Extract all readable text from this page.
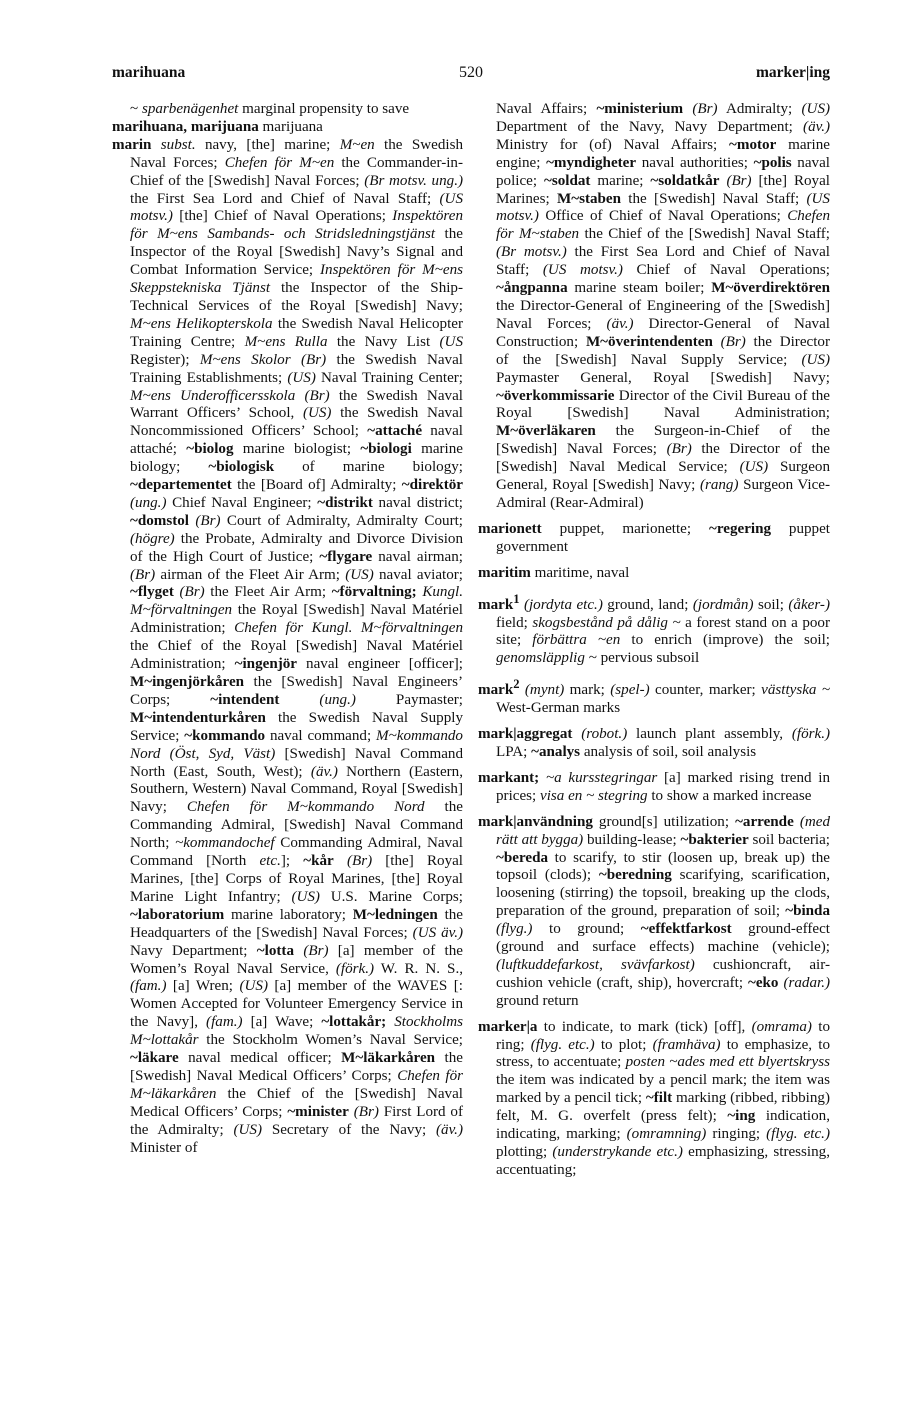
520
marihuana	marker|ing

~ sparbenägenhet marginal propensity to save

marihuana, marijuana marijuana

marin subst. navy, [the] marine; M~en the Swedish Naval Forces; Chefen för M~en the Commander-in-Chief of the [Swedish] Naval Forces; (Br motsv. ung.) the First Sea Lord and Chief of Naval Staff; (US motsv.) [the] Chief of Naval Operations; Inspektören för M~ens Sambands- och Stridsledningstjänst the Inspector of the Royal [Swedish] Navy’s Signal and Combat Information Service; Inspektören för M~ens Skeppstekniska Tjänst the Inspector of the Ship-Technical Services of the Royal [Swedish] Navy; M~ens Helikopterskola the Swedish Naval Helicopter Training Centre; M~ens Rulla the Navy List (US Register); M~ens Skolor (Br) the Swedish Naval Training Establishments; (US) Naval Training Center; M~ens Underofficersskola (Br) the Swedish Naval Warrant Officers’ School, (US) the Swedish Naval Noncommissioned Officers’ School; ~attaché naval attaché; ~biolog marine biologist; ~biologi marine biology; ~biologisk of marine biology; ~departementet the [Board of] Admiralty; ~direktör (ung.) Chief Naval Engineer; ~distrikt naval district; ~domstol (Br) Court of Admiralty, Admiralty Court; (högre) the Probate, Admiralty and Divorce Division of the High Court of Justice; ~flygare naval airman; (Br) airman of the Fleet Air Arm; (US) naval aviator; ~flyget (Br) the Fleet Air Arm; ~förvaltning; Kungl. M~förvaltningen the Royal [Swedish] Naval Matériel Administration; Chefen för Kungl. M~förvaltningen the Chief of the Royal [Swedish] Naval Matériel Administration; ~ingenjör naval engineer [officer]; M~ingenjörkåren the [Swedish] Naval Engineers’ Corps; ~intendent	(ung.) Paymaster; M~intendenturkåren the Swedish Naval Supply Service; ~kommando naval command; M~kommando Nord (Öst, Syd, Väst) [Swedish] Naval Command North (East, South, West); (äv.) Northern (Eastern, Southern, Western) Naval Command, Royal [Swedish] Navy; Chefen för M~kommando Nord the Commanding Admiral, [Swedish] Naval Command North; ~kommandochef Commanding Admiral, Naval Command [North etc.]; ~kår (Br) [the] Royal Marines, [the] Corps of Royal Marines, [the] Royal Marine Light Infantry; (US) U.S. Marine Corps; ~laboratorium marine laboratory; M~ledningen the Headquarters of the [Swedish] Naval Forces; (US äv.) Navy Department; ~lotta (Br) [a] member of the Women’s Royal Naval Service, (förk.) W. R. N. S., (fam.) [a] Wren; (US) [a] member of the WAVES [: Women Accepted for Volunteer Emergency Service in the Navy], (fam.) [a] Wave; ~lottakår; Stockholms M~lottakår the Stockholm Women’s Naval Service; ~läkare naval medical officer; M~läkarkåren the [Swedish] Naval Medical Officers’ Corps; Chefen för M~läkarkåren the Chief of the [Swedish] Naval Medical Officers’ Corps; ~minister (Br) First Lord of the Admiralty; (US) Secretary of the Navy; (äv.) Minister of

Naval Affairs; ~ministerium (Br) Admiralty; (US) Department of the Navy, Navy Department; (äv.) Ministry for (of) Naval Affairs; ~motor marine engine; ~myndigheter naval authorities; ~polis naval police; ~soldat marine; ~soldatkår (Br) [the] Royal Marines; M~staben the [Swedish] Naval Staff; (US motsv.) Office of Chief of Naval Operations; Chefen för M~staben the Chief of the [Swedish] Naval Staff; (Br motsv.) the First Sea Lord and Chief of Naval Staff; (US motsv.) Chief of Naval Operations; ~ångpanna marine steam boiler; M~överdirektören the Director-General of Engineering of the [Swedish] Naval Forces; (äv.) Director-General of Naval Construction; M~överintendenten (Br) the Director of the [Swedish] Naval Supply Service; (US) Paymaster General, Royal [Swedish] Navy; ~överkommissarie Director of the Civil Bureau of the Royal [Swedish] Naval Administration; M~överläkaren the Surgeon-in-Chief of the [Swedish] Naval Forces; (Br) the Director of the [Swedish] Naval Medical Service; (US) Surgeon General, Royal [Swedish] Navy; (rang) Surgeon Vice-Admiral (Rear-Admiral)

marionett puppet, marionette; ~regering puppet government

maritim maritime, naval

mark$^1$ (jordyta etc.) ground, land; (jordmån) soil; (åker-) field; skogsbestånd på dålig ~ a forest stand on a poor site; förbättra ~en to enrich (improve) the soil; genomsläpplig ~ pervious subsoil

mark$^2$ (mynt) mark; (spel-) counter, marker; västtyska ~ West-German marks

mark|aggregat (robot.) launch plant assembly, (förk.) LPA; ~analys analysis of soil, soil analysis

markant; ~a kursstegringar [a] marked rising trend in prices; visa en ~ stegring to show a marked increase

mark|användning ground[s] utilization; ~arrende (med rätt att bygga) building-lease; ~bakterier soil bacteria; ~bereda to scarify, to stir (loosen up, break up) the topsoil (clods); ~beredning scarifying, scarification, loosening (stirring) the topsoil, breaking up the clods, preparation of the ground, preparation of soil; ~binda (flyg.) to ground; ~effektfarkost ground-effect (ground and surface effects) machine (vehicle); (luftkuddefarkost, svävfarkost) cushioncraft, air-cushion vehicle (craft, ship), hovercraft; ~eko (radar.) ground return

marker|a to indicate, to mark (tick) [off], (omrama) to ring; (flyg. etc.) to plot; (framhäva) to emphasize, to stress, to accentuate; posten ~ades med ett blyertskryss the item was indicated by a pencil mark; the item was marked by a pencil tick; ~filt marking (ribbed, ribbing) felt, M. G. overfelt (press felt); ~ing indication, indicating, marking; (omramning) ringing; (flyg. etc.) plotting; (understrykande etc.) emphasizing, stressing, accentuating;
